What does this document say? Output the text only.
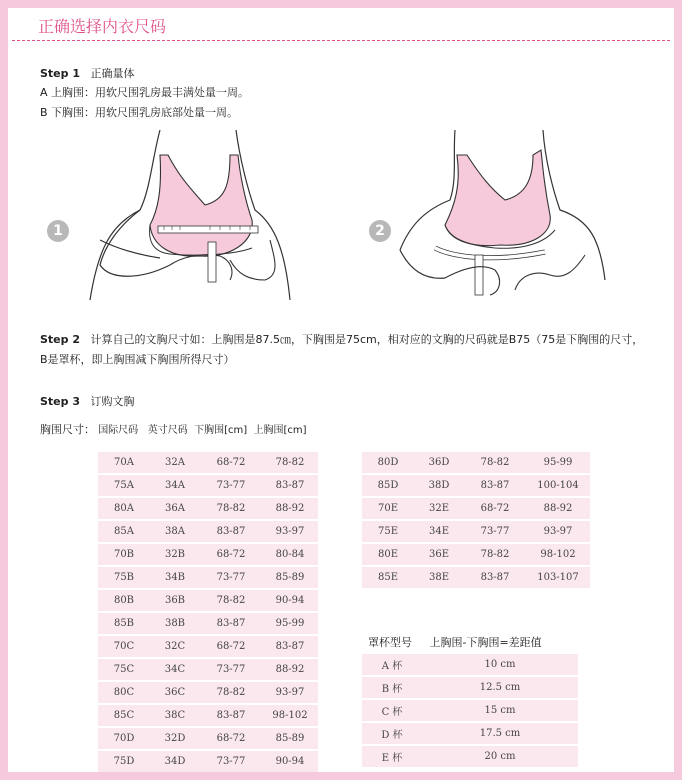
正确选择内衣尺码
Step 1 正确量体
A 上胸围：用软尺围乳房最丰满处量一周。
B 下胸围：用软尺围乳房底部处量一周。
1	2
Step 2 计算自己的文胸尺寸如：上胸围是87.5㎝，下胸围是75cm，相对应的文胸的尺码就是B75（75是下胸围的尺寸，
B是罩杯，即上胸围减下胸围所得尺寸）
Step 3 订购文胸
胸围尺寸： 国际尺码 英寸尺码 下胸围[cm] 上胸围[cm]
70A	32A	68-72	78-82
75A	34A	73-77	83-87
80A	36A	78-82	88-92
85A	38A	83-87	93-97
70B	32B	68-72	80-84
75B	34B	73-77	85-89
80B	36B	78-82	90-94
85B	38B	83-87	95-99
70C	32C	68-72	83-87
75C	34C	73-77	88-92
80C	36C	78-82	93-97
85C	38C	83-87	98-102
70D	32D	68-72	85-89
75D	34D	73-77	90-94
80D	36D	78-82	95-99
85D	38D	83-87	100-104
70E	32E	68-72	88-92
75E	34E	73-77	93-97
80E	36E	78-82	98-102
85E	38E	83-87	103-107
罩杯型号 上胸围-下胸围=差距值
A 杯	10 cm
B 杯	12.5 cm
C 杯	15 cm
D 杯	17.5 cm
E 杯	20 cm
